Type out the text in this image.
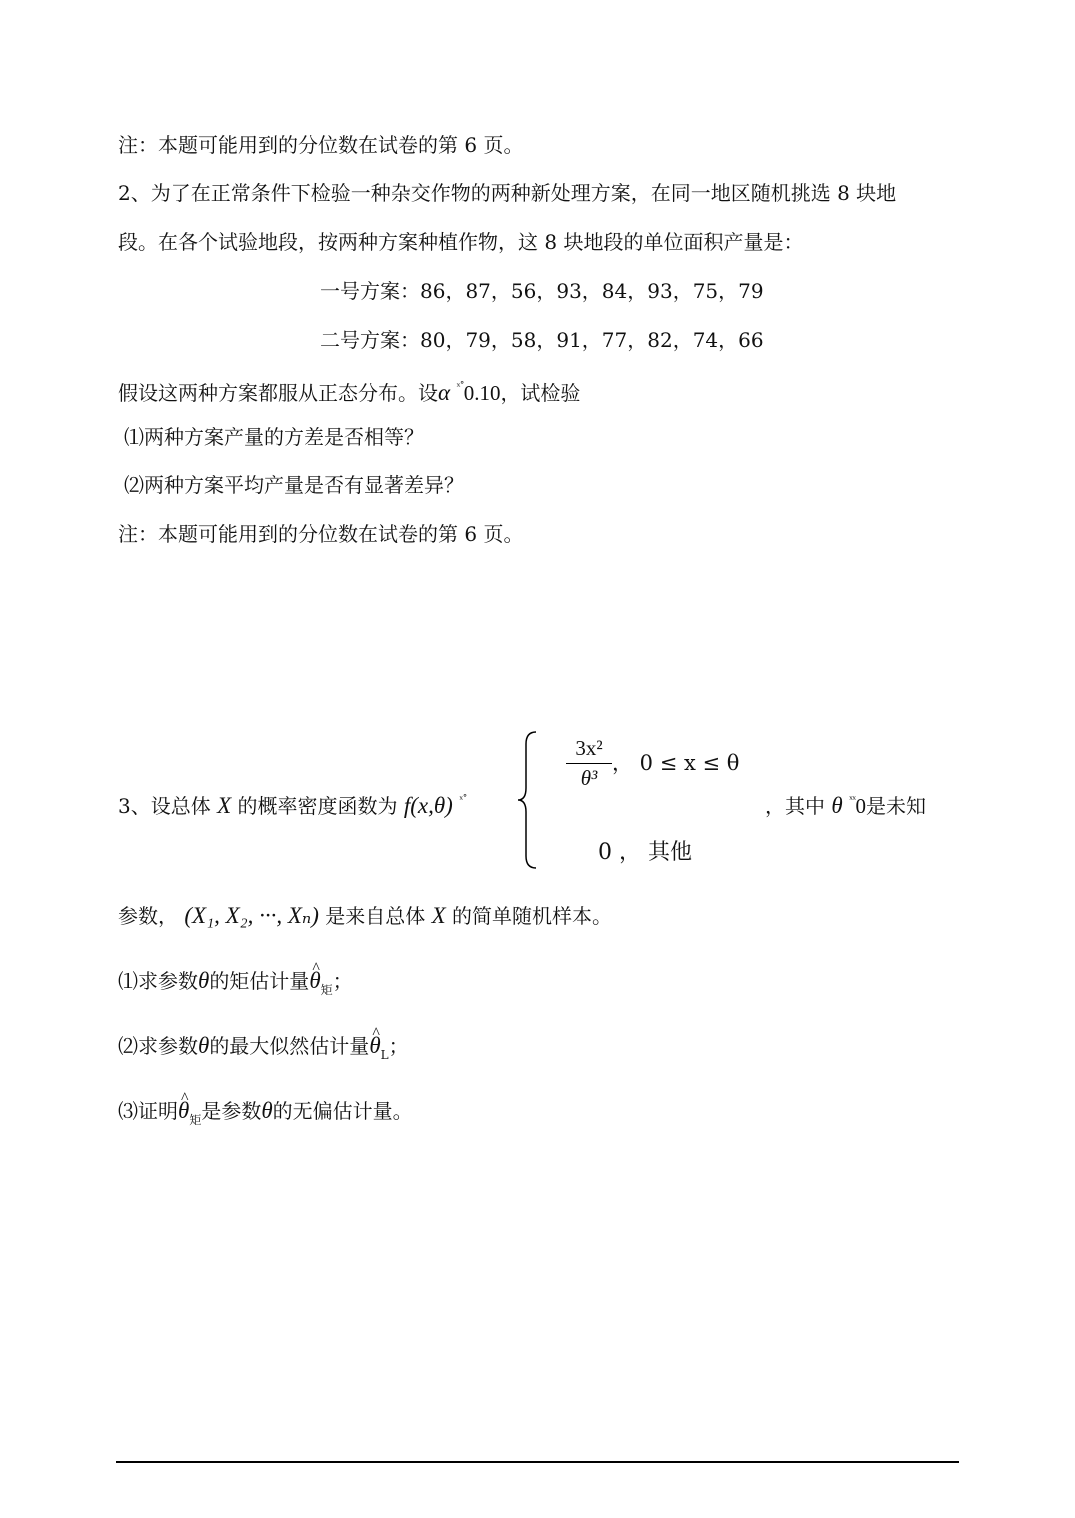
注：本题可能用到的分位数在试卷的第 6 页。
2、为了在正常条件下检验一种杂交作物的两种新处理方案，在同一地区随机挑选 8 块地
段。在各个试验地段，按两种方案种植作物，这 8 块地段的单位面积产量是：
一号方案：86，87，56，93，84，93，75，79
二号方案：80，79，58，91，77，82，74，66
假设这两种方案都服从正态分布。设α $^{ˣ˚}$0.10，试检验
⑴两种方案产量的方差是否相等？
⑵两种方案平均产量是否有显著差异？
注：本题可能用到的分位数在试卷的第 6 页。
3、设总体 X 的概率密度函数为 f(x,θ) $^{ˣ˚}$
3x²
θ³
， 0 ≤ x ≤ θ
0 ， 其他
，其中 θ $^{ˣˣ}$0是未知
参数， (X₁, X₂, ···, Xₙ) 是来自总体 X 的简单随机样本。
⑴求参数θ的矩估计量^ $\theta_矩$；
⑵求参数θ的最大似然估计量^ $\theta_L$；
⑶证明^ $\theta_矩$是参数θ的无偏估计量。
